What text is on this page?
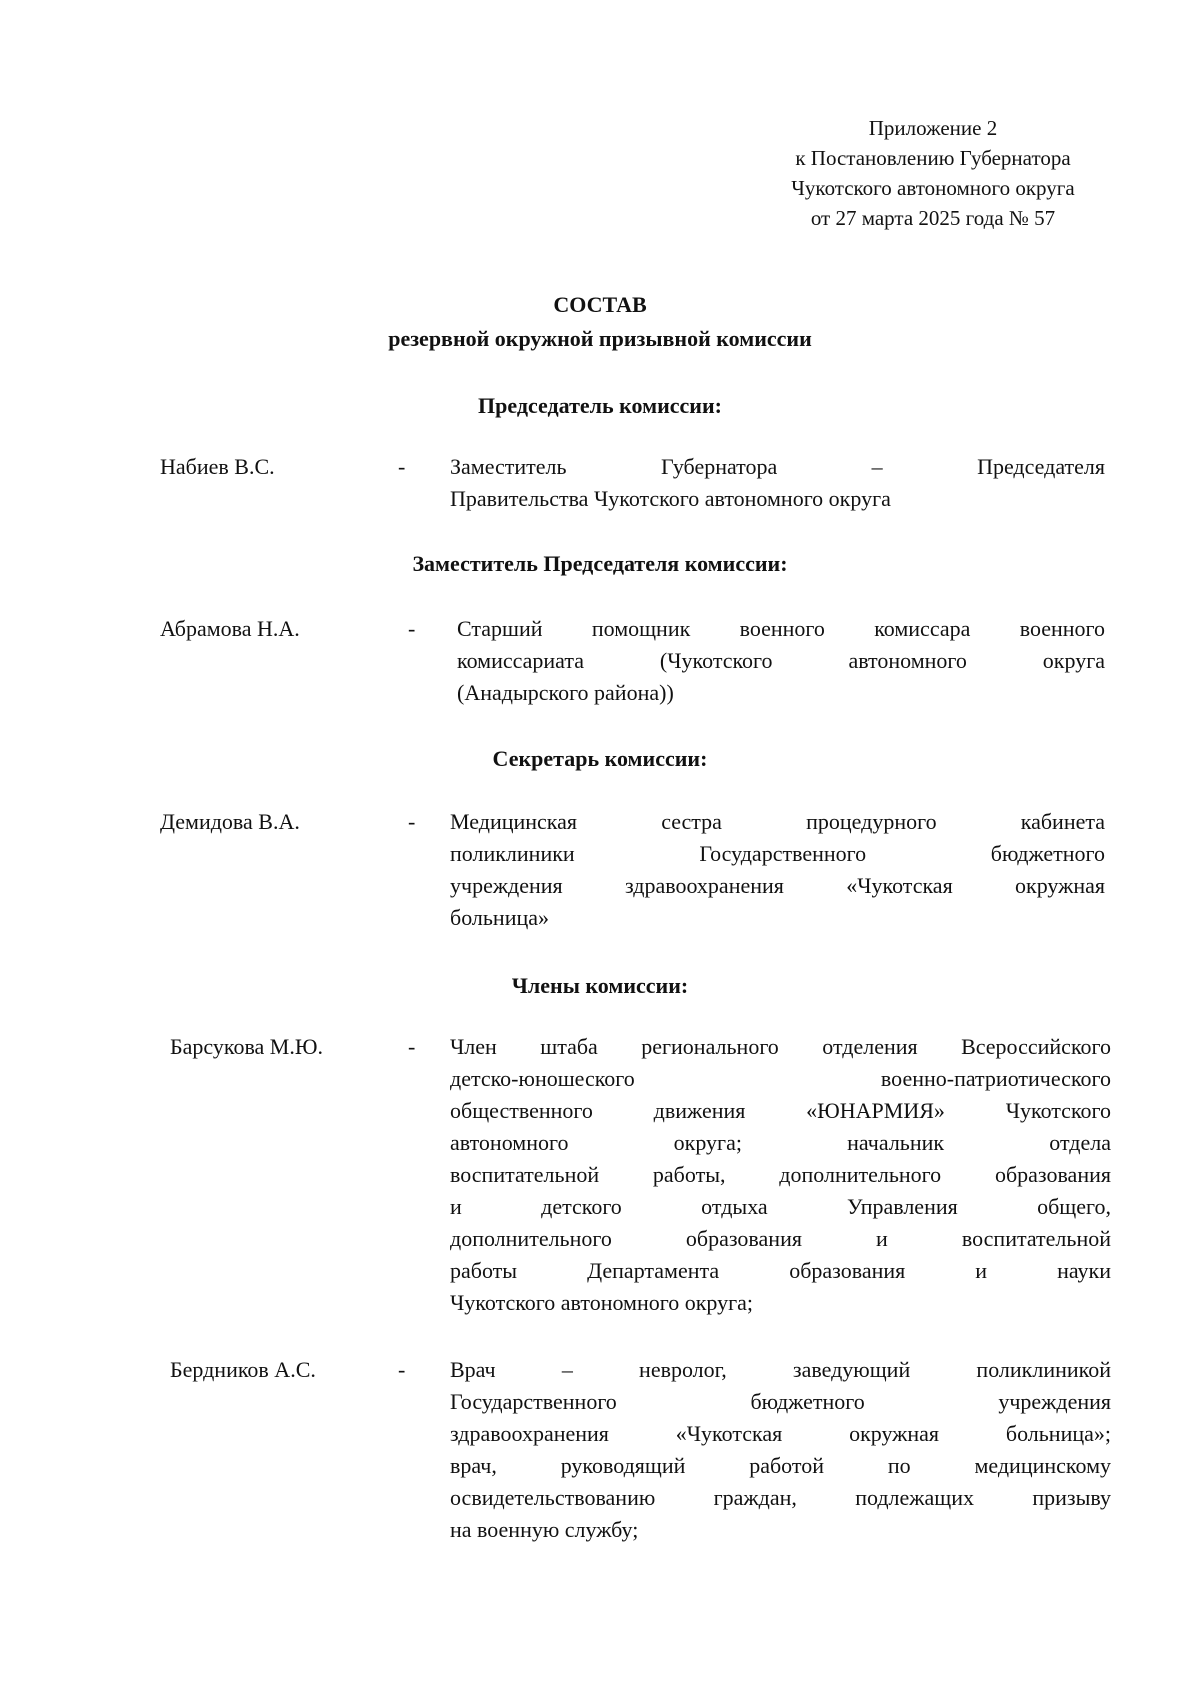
Приложение 2
к Постановлению Губернатора
Чукотского автономного округа
от 27 марта 2025 года № 57
СОСТАВ
резервной окружной призывной комиссии
Председатель комиссии:
Набиев В.С.	- Заместитель Губернатора – Председателя
Правительства Чукотского автономного округа
Заместитель Председателя комиссии:
Абрамова Н.А.	- Старший помощник военного комиссара военного
комиссариата (Чукотского автономного округа
(Анадырского района))
Секретарь комиссии:
Демидова В.А.	- Медицинская сестра процедурного кабинета
поликлиники Государственного бюджетного
учреждения здравоохранения «Чукотская окружная
больница»
Члены комиссии:
Барсукова М.Ю.	- Член штаба регионального отделения Всероссийского
детско-юношеского военно-патриотического
общественного движения «ЮНАРМИЯ» Чукотского
автономного округа; начальник отдела
воспитательной работы, дополнительного образования
и детского отдыха Управления общего,
дополнительного образования и воспитательной
работы Департамента образования и науки
Чукотского автономного округа;
Бердников А.С.	- Врач – невролог, заведующий поликлиникой
Государственного бюджетного учреждения
здравоохранения «Чукотская окружная больница»;
врач, руководящий работой по медицинскому
освидетельствованию граждан, подлежащих призыву
на военную службу;
